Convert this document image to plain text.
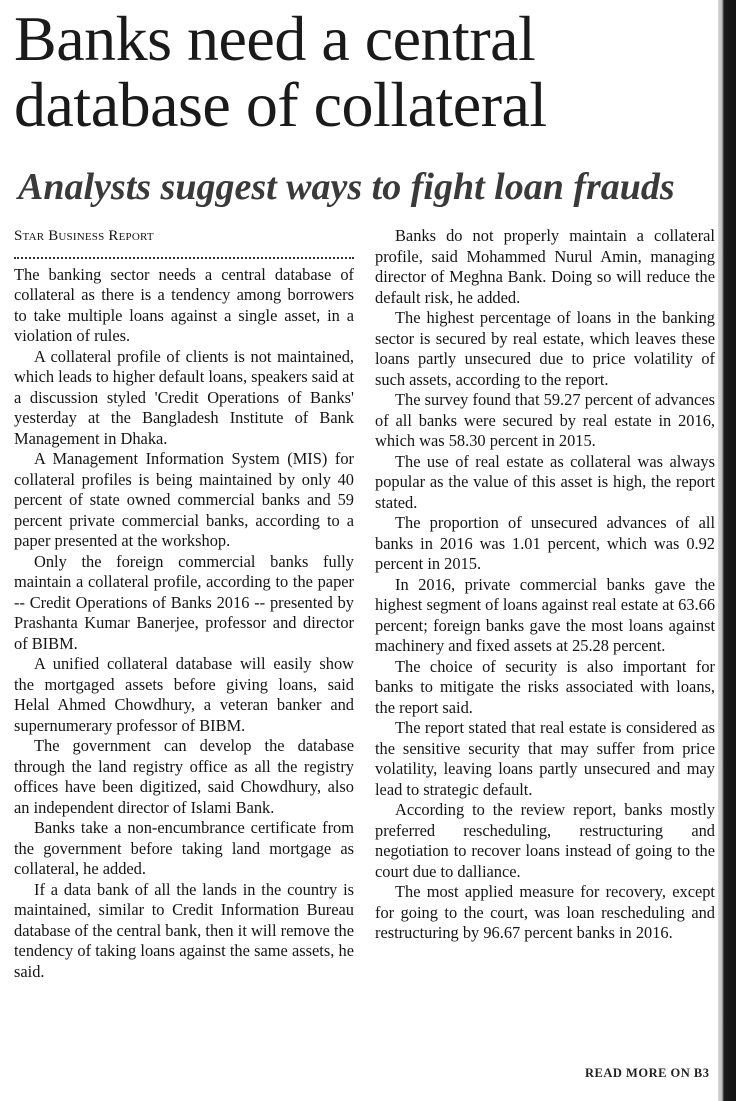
Banks need a central database of collateral
Analysts suggest ways to fight loan frauds
Star Business Report

The banking sector needs a central database of collateral as there is a tendency among borrowers to take multiple loans against a single asset, in a violation of rules.

A collateral profile of clients is not maintained, which leads to higher default loans, speakers said at a discussion styled 'Credit Operations of Banks' yesterday at the Bangladesh Institute of Bank Management in Dhaka.

A Management Information System (MIS) for collateral profiles is being maintained by only 40 percent of state owned commercial banks and 59 percent private commercial banks, according to a paper presented at the workshop.

Only the foreign commercial banks fully maintain a collateral profile, according to the paper -- Credit Operations of Banks 2016 -- presented by Prashanta Kumar Banerjee, professor and director of BIBM.

A unified collateral database will easily show the mortgaged assets before giving loans, said Helal Ahmed Chowdhury, a veteran banker and supernumerary professor of BIBM.

The government can develop the database through the land registry office as all the registry offices have been digitized, said Chowdhury, also an independent director of Islami Bank.

Banks take a non-encumbrance certificate from the government before taking land mortgage as collateral, he added.

If a data bank of all the lands in the country is maintained, similar to Credit Information Bureau database of the central bank, then it will remove the tendency of taking loans against the same assets, he said.

Banks do not properly maintain a collateral profile, said Mohammed Nurul Amin, managing director of Meghna Bank. Doing so will reduce the default risk, he added.

The highest percentage of loans in the banking sector is secured by real estate, which leaves these loans partly unsecured due to price volatility of such assets, according to the report.

The survey found that 59.27 percent of advances of all banks were secured by real estate in 2016, which was 58.30 percent in 2015.

The use of real estate as collateral was always popular as the value of this asset is high, the report stated.

The proportion of unsecured advances of all banks in 2016 was 1.01 percent, which was 0.92 percent in 2015.

In 2016, private commercial banks gave the highest segment of loans against real estate at 63.66 percent; foreign banks gave the most loans against machinery and fixed assets at 25.28 percent.

The choice of security is also important for banks to mitigate the risks associated with loans, the report said.

The report stated that real estate is considered as the sensitive security that may suffer from price volatility, leaving loans partly unsecured and may lead to strategic default.

According to the review report, banks mostly preferred rescheduling, restructuring and negotiation to recover loans instead of going to the court due to dalliance.

The most applied measure for recovery, except for going to the court, was loan rescheduling and restructuring by 96.67 percent banks in 2016.

READ MORE ON B3
